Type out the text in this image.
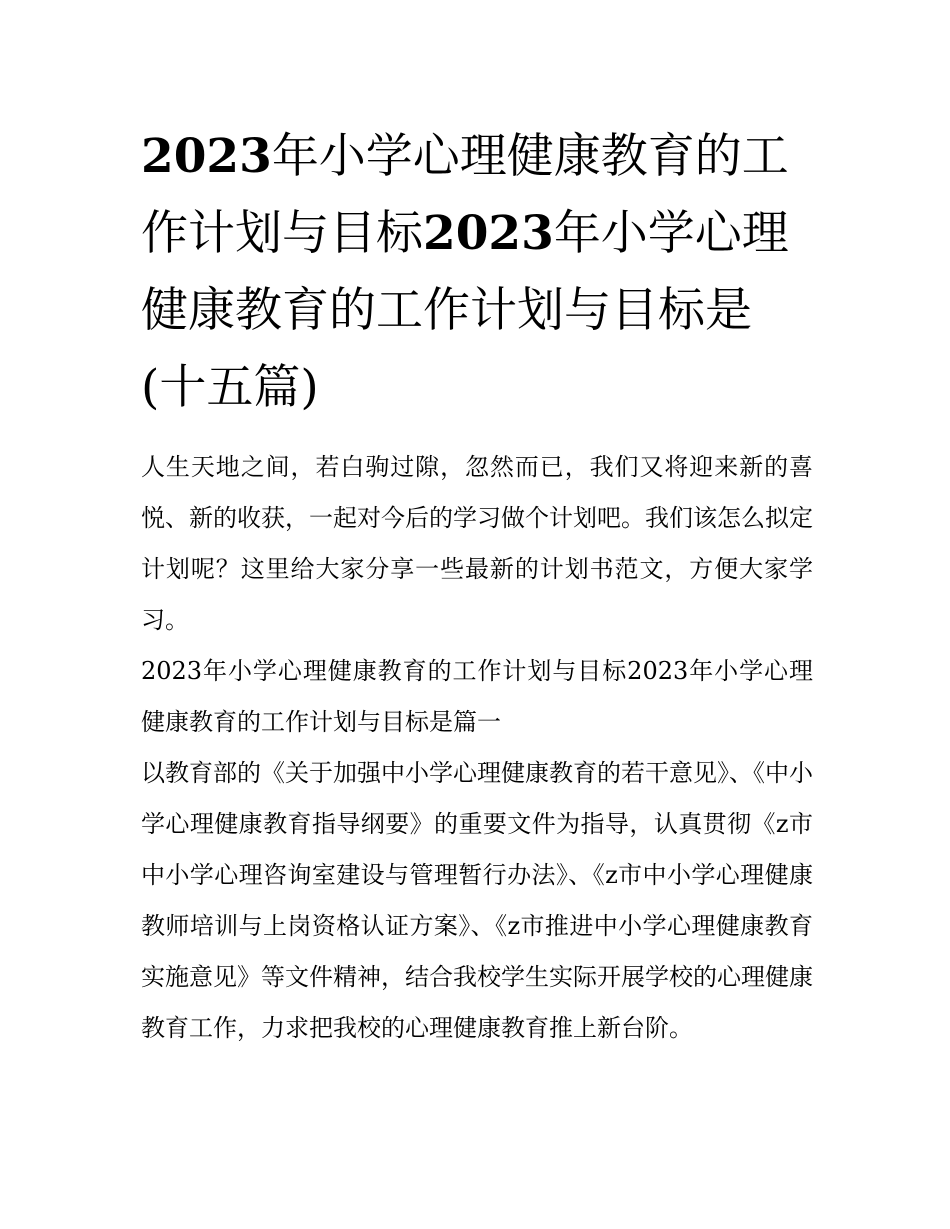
2023年小学心理健康教育的工作计划与目标2023年小学心理健康教育的工作计划与目标是(十五篇)

人生天地之间，若白驹过隙，忽然而已，我们又将迎来新的喜悦、新的收获，一起对今后的学习做个计划吧。我们该怎么拟定计划呢？这里给大家分享一些最新的计划书范文，方便大家学习。

2023年小学心理健康教育的工作计划与目标2023年小学心理健康教育的工作计划与目标是篇一

以教育部的《关于加强中小学心理健康教育的若干意见》、《中小学心理健康教育指导纲要》的重要文件为指导，认真贯彻《z市中小学心理咨询室建设与管理暂行办法》、《z市中小学心理健康教师培训与上岗资格认证方案》、《z市推进中小学心理健康教育实施意见》等文件精神，结合我校学生实际开展学校的心理健康教育工作，力求把我校的心理健康教育推上新台阶。
